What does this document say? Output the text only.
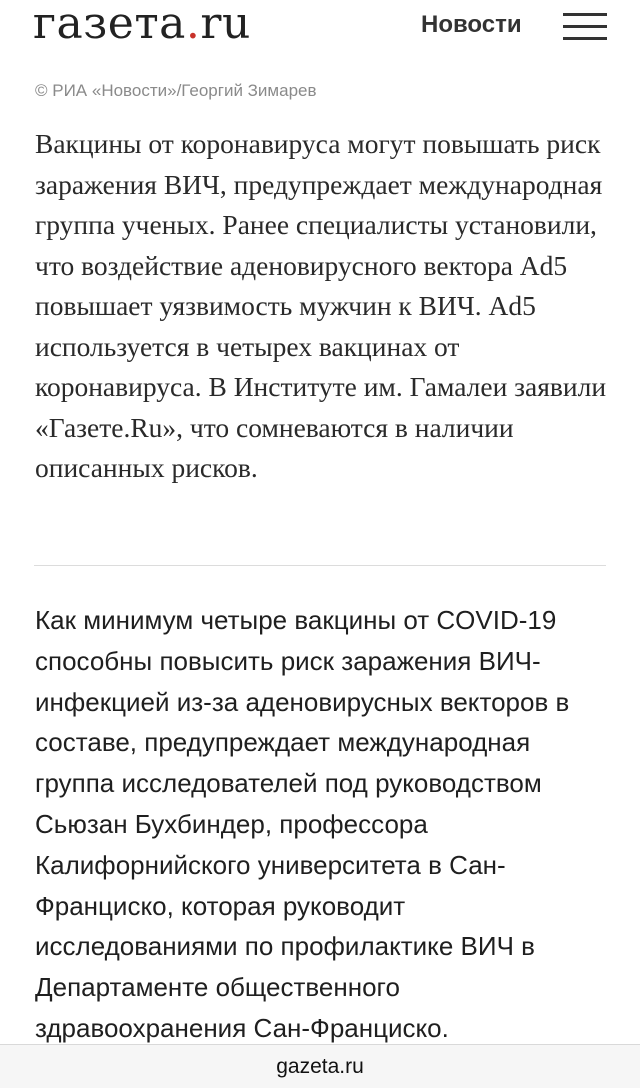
газета.ru	Новости
© РИА «Новости»/Георгий Зимарев

Вакцины от коронавируса могут повышать риск заражения ВИЧ, предупреждает международная группа ученых. Ранее специалисты установили, что воздействие аденовирусного вектора Ad5 повышает уязвимость мужчин к ВИЧ. Ad5 используется в четырех вакцинах от коронавируса. В Институте им. Гамалеи заявили «Газете.Ru», что сомневаются в наличии описанных рисков.

Как минимум четыре вакцины от COVID-19 способны повысить риск заражения ВИЧ-инфекцией из-за аденовирусных векторов в составе, предупреждает международная группа исследователей под руководством Сьюзан Бухбиндер, профессора Калифорнийского университета в Сан-Франциско, которая руководит исследованиями по профилактике ВИЧ в Департаменте общественного здравоохранения Сан-Франциско.

gazeta.ru
